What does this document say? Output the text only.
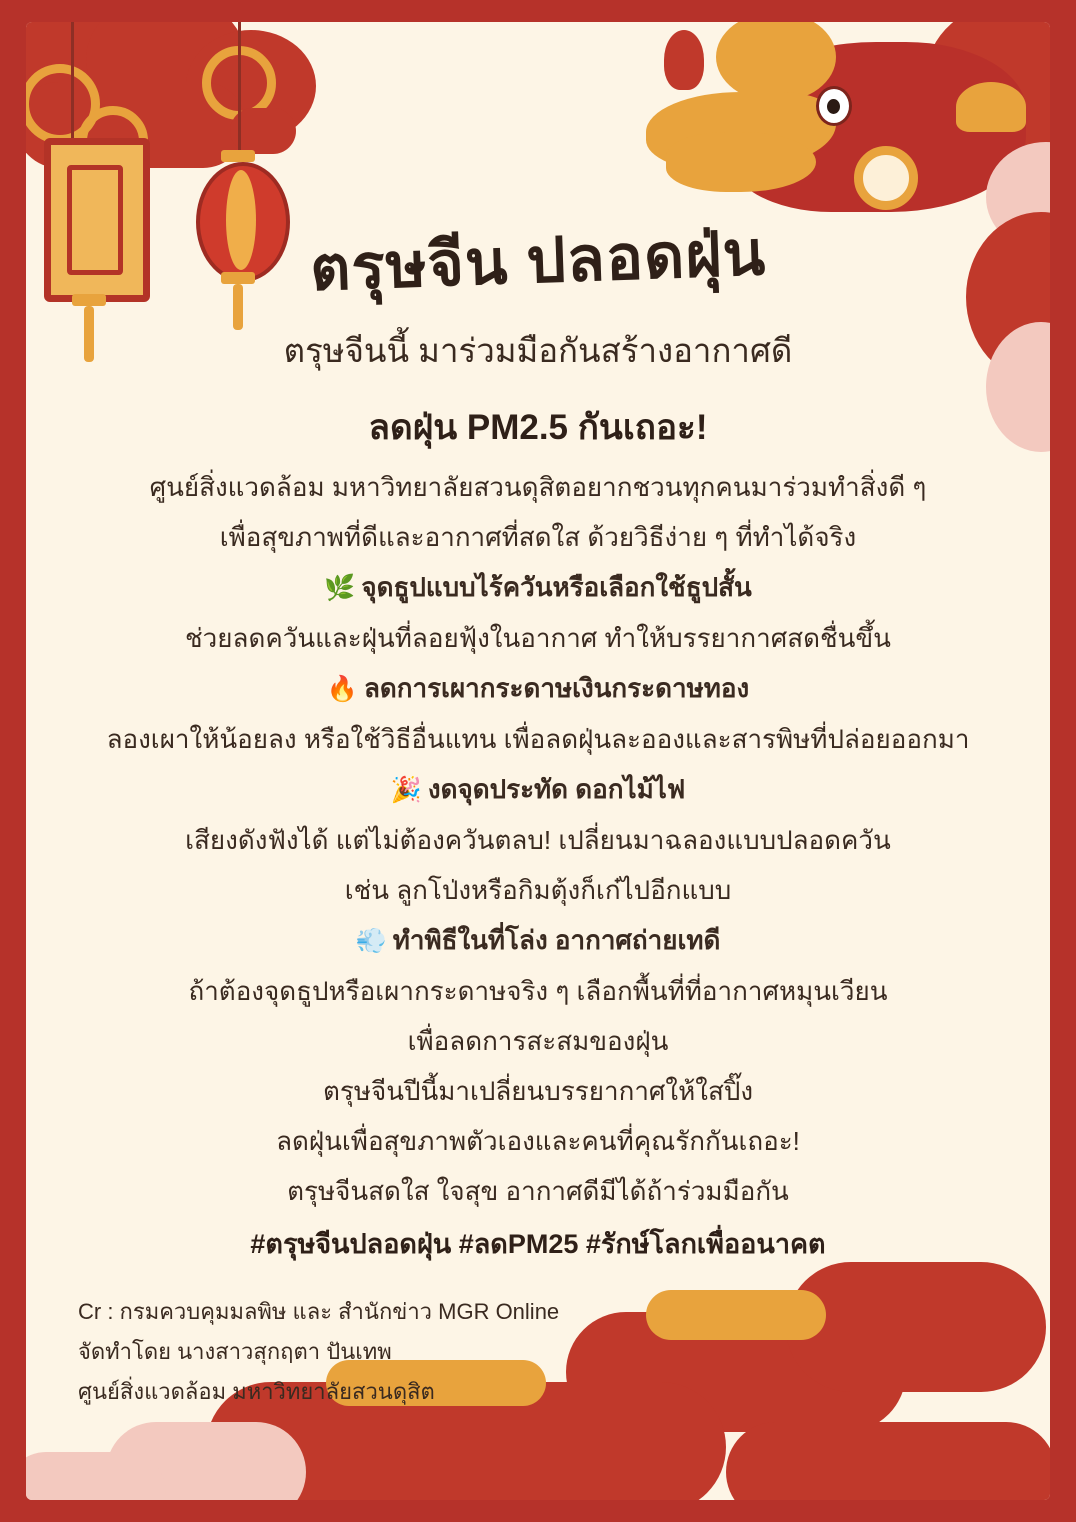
ตรุษจีน ปลอดฝุ่น
ตรุษจีนนี้ มาร่วมมือกันสร้างอากาศดี
ลดฝุ่น PM2.5 กันเถอะ!
ศูนย์สิ่งแวดล้อม มหาวิทยาลัยสวนดุสิตอยากชวนทุกคนมาร่วมทำสิ่งดี ๆ
เพื่อสุขภาพที่ดีและอากาศที่สดใส ด้วยวิธีง่าย ๆ ที่ทำได้จริง
🌿 จุดธูปแบบไร้ควันหรือเลือกใช้ธูปสั้น
ช่วยลดควันและฝุ่นที่ลอยฟุ้งในอากาศ ทำให้บรรยากาศสดชื่นขึ้น
🔥 ลดการเผากระดาษเงินกระดาษทอง
ลองเผาให้น้อยลง หรือใช้วิธีอื่นแทน เพื่อลดฝุ่นละอองและสารพิษที่ปล่อยออกมา
🎉 งดจุดประทัด ดอกไม้ไฟ
เสียงดังฟังได้ แต่ไม่ต้องควันตลบ! เปลี่ยนมาฉลองแบบปลอดควัน
เช่น ลูกโป่งหรือกิมตุ้งก็เก๋ไปอีกแบบ
💨 ทำพิธีในที่โล่ง อากาศถ่ายเทดี
ถ้าต้องจุดธูปหรือเผากระดาษจริง ๆ เลือกพื้นที่ที่อากาศหมุนเวียน
เพื่อลดการสะสมของฝุ่น
ตรุษจีนปีนี้มาเปลี่ยนบรรยากาศให้ใสปิ๊ง
ลดฝุ่นเพื่อสุขภาพตัวเองและคนที่คุณรักกันเถอะ!
ตรุษจีนสดใส ใจสุข อากาศดีมีได้ถ้าร่วมมือกัน
#ตรุษจีนปลอดฝุ่น #ลดPM25 #รักษ์โลกเพื่ออนาคต
Cr : กรมควบคุมมลพิษ และ สำนักข่าว MGR Online
จัดทำโดย นางสาวสุกฤตา ปันเทพ
ศูนย์สิ่งแวดล้อม มหาวิทยาลัยสวนดุสิต
